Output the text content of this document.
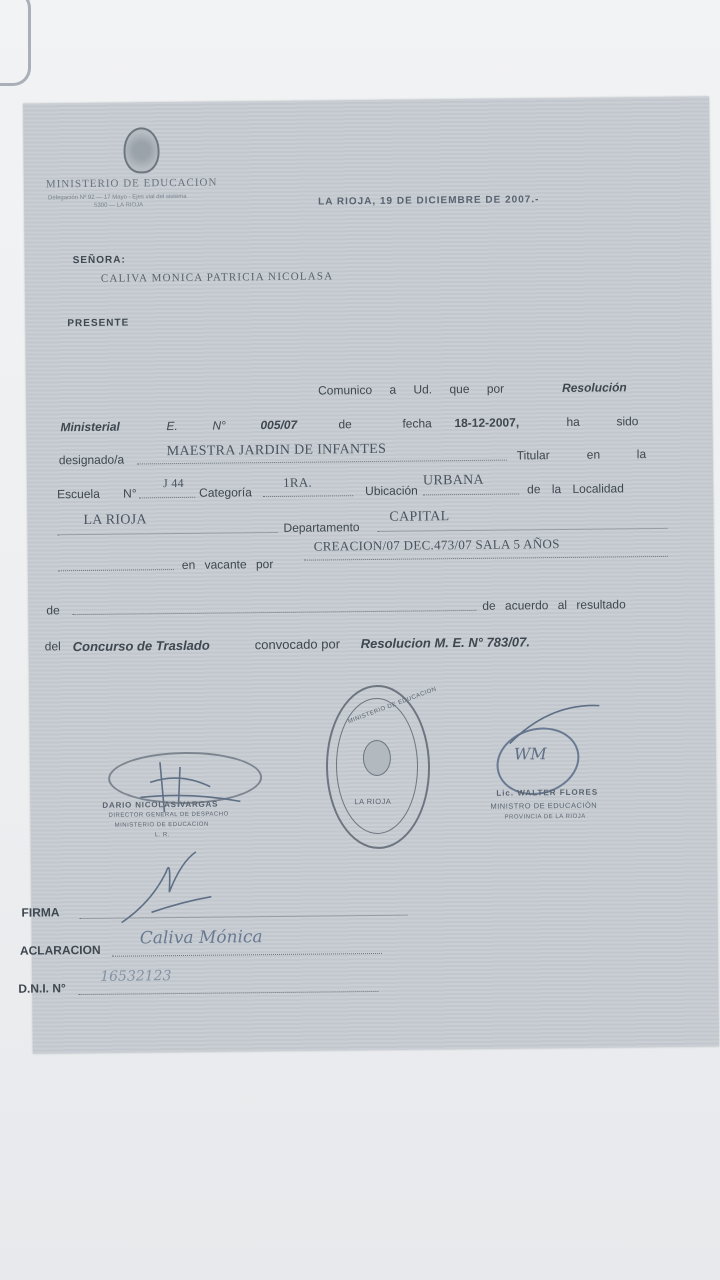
MINISTERIO DE EDUCACION
Delegación Nº 92 — 17 Mayo - Ejes vial del sistema
5300 — LA RIOJA	LA RIOJA, 19 DE DICIEMBRE DE 2007.-
SEÑORA:
CALIVA MONICA PATRICIA NICOLASA
PRESENTE
Comunico a Ud. que por	Resolución
Ministerial	E.	N°	005/07	de	fecha 18-12-2007,	ha	sido
designado/a
MAESTRA JARDIN DE INFANTES	Titular	en	la
Escuela N°
J 44
Categoría
1RA.
Ubicación
URBANA
de la Localidad
LA RIOJA	Departamento
CAPITAL
en vacante por
CREACION/07 DEC.473/07 SALA 5 AÑOS
de	de acuerdo al resultado
del Concurso de Traslado	convocado por Resolucion M. E. N° 783/07.
DARIO NICOLAS VARGAS
DIRECTOR GENERAL DE DESPACHO
MINISTERIO DE EDUCACION
L. R.
MINISTERIO DE EDUCACION
LA RIOJA
WM
Lic. WALTER FLORES
MINISTRO DE EDUCACIÓN
PROVINCIA DE LA RIOJA
FIRMA
ACLARACION
Caliva Mónica
D.N.I. N°
16532123
